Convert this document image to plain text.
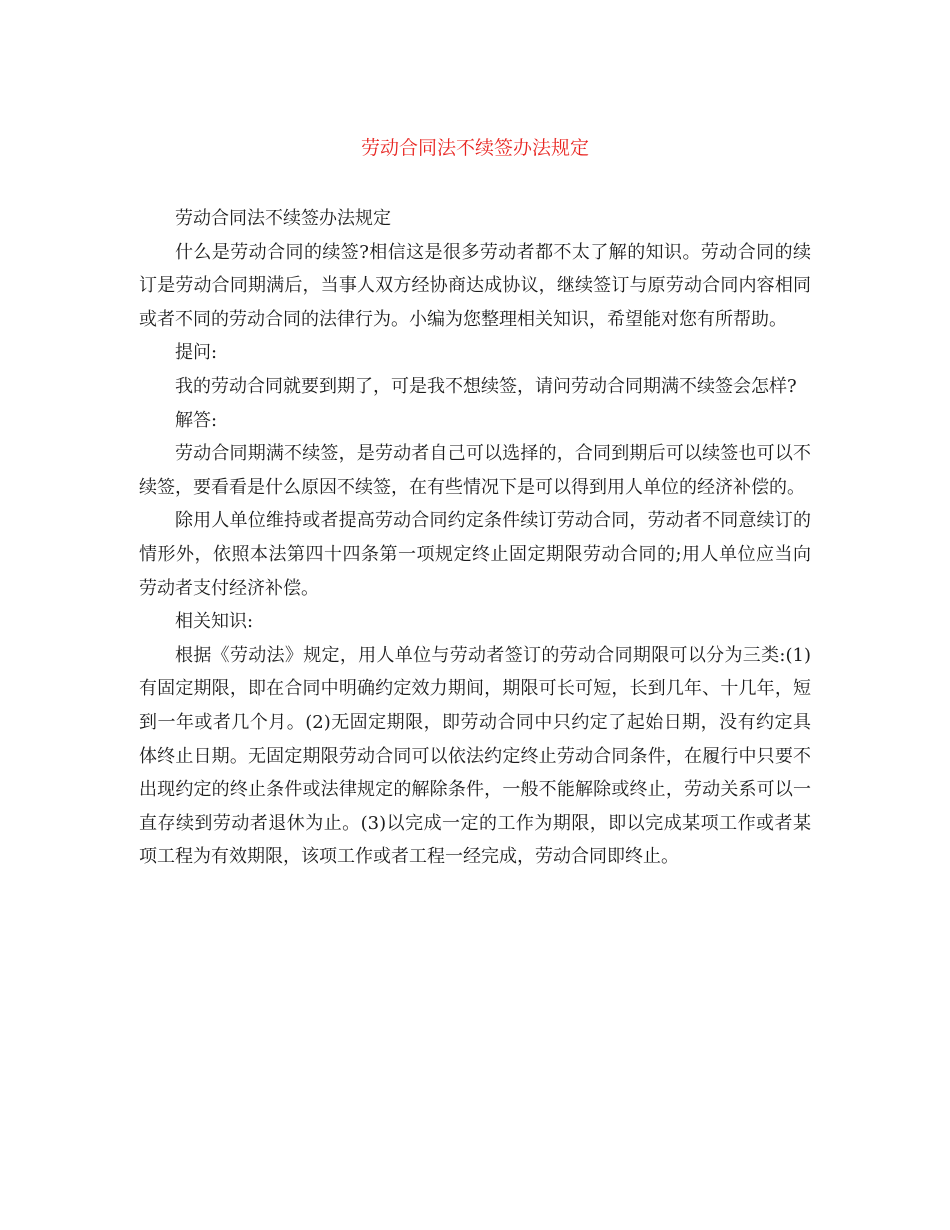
劳动合同法不续签办法规定

劳动合同法不续签办法规定

什么是劳动合同的续签?相信这是很多劳动者都不太了解的知识。劳动合同的续订是劳动合同期满后，当事人双方经协商达成协议，继续签订与原劳动合同内容相同或者不同的劳动合同的法律行为。小编为您整理相关知识，希望能对您有所帮助。

提问:

我的劳动合同就要到期了，可是我不想续签，请问劳动合同期满不续签会怎样?

解答:

劳动合同期满不续签，是劳动者自己可以选择的，合同到期后可以续签也可以不续签，要看看是什么原因不续签，在有些情况下是可以得到用人单位的经济补偿的。

除用人单位维持或者提高劳动合同约定条件续订劳动合同，劳动者不同意续订的情形外，依照本法第四十四条第一项规定终止固定期限劳动合同的;用人单位应当向劳动者支付经济补偿。

相关知识:

根据《劳动法》规定，用人单位与劳动者签订的劳动合同期限可以分为三类:(1)有固定期限，即在合同中明确约定效力期间，期限可长可短，长到几年、十几年，短到一年或者几个月。(2)无固定期限，即劳动合同中只约定了起始日期，没有约定具体终止日期。无固定期限劳动合同可以依法约定终止劳动合同条件，在履行中只要不出现约定的终止条件或法律规定的解除条件，一般不能解除或终止，劳动关系可以一直存续到劳动者退休为止。(3)以完成一定的工作为期限，即以完成某项工作或者某项工程为有效期限，该项工作或者工程一经完成，劳动合同即终止。
